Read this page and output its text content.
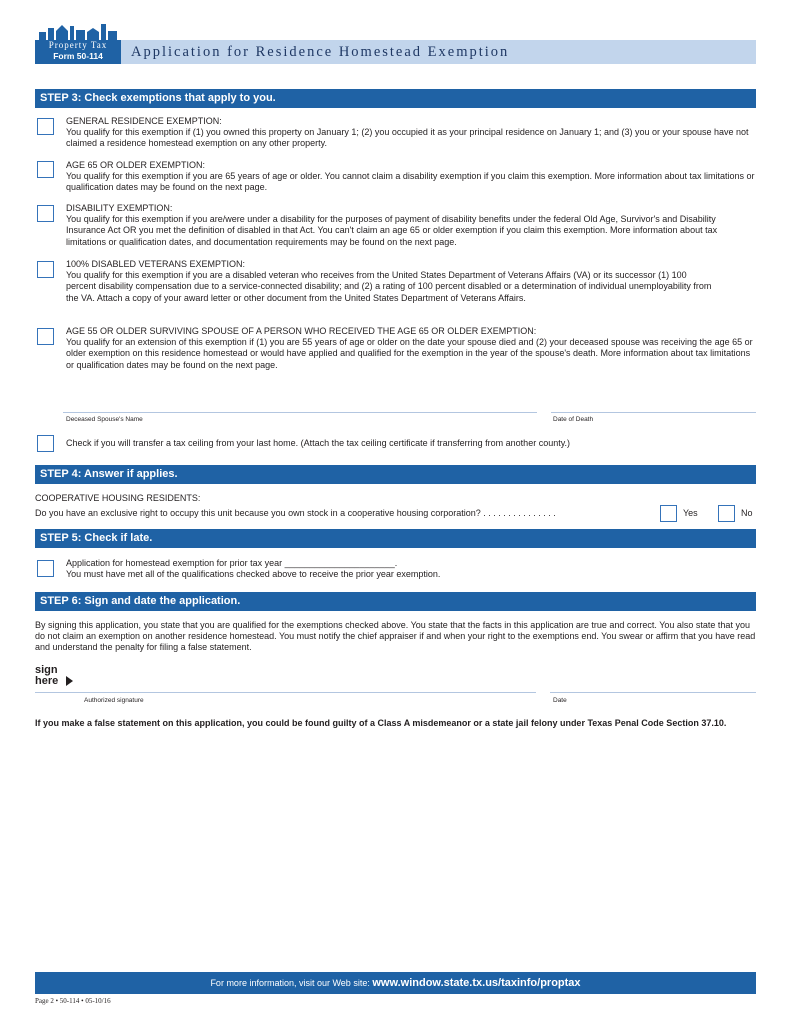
Property Tax
Form 50-114	Application for Residence Homestead Exemption
STEP 3: Check exemptions that apply to you.
GENERAL RESIDENCE EXEMPTION:
You qualify for this exemption if (1) you owned this property on January 1; (2) you occupied it as your principal residence on January 1; and (3) you or your spouse have not claimed a residence homestead exemption on any other property.
AGE 65 OR OLDER EXEMPTION:
You qualify for this exemption if you are 65 years of age or older. You cannot claim a disability exemption if you claim this exemption. More information about tax limitations or qualification dates may be found on the next page.
DISABILITY EXEMPTION:
You qualify for this exemption if you are/were under a disability for the purposes of payment of disability benefits under the federal Old Age, Survivor's and Disability Insurance Act OR you met the definition of disabled in that Act. You can't claim an age 65 or older exemption if you claim this exemption. More information about tax limitations or qualification dates, and documentation requirements may be found on the next page.
100% DISABLED VETERANS EXEMPTION:
You qualify for this exemption if you are a disabled veteran who receives from the United States Department of Veterans Affairs (VA) or its successor (1) 100 percent disability compensation due to a service-connected disability; and (2) a rating of 100 percent disabled or a determination of individual unemployability from the VA. Attach a copy of your award letter or other document from the United States Department of Veterans Affairs.
AGE 55 OR OLDER SURVIVING SPOUSE OF A PERSON WHO RECEIVED THE AGE 65 OR OLDER EXEMPTION:
You qualify for an extension of this exemption if (1) you are 55 years of age or older on the date your spouse died and (2) your deceased spouse was receiving the age 65 or older exemption on this residence homestead or would have applied and qualified for the exemption in the year of the spouse's death. More information about tax limitations or qualification dates may be found on the next page.
Deceased Spouse's Name	Date of Death
Check if you will transfer a tax ceiling from your last home. (Attach the tax ceiling certificate if transferring from another county.)
STEP 4: Answer if applies.
COOPERATIVE HOUSING RESIDENTS:
Do you have an exclusive right to occupy this unit because you own stock in a cooperative housing corporation? . . . . . . . . . . . . . . .	Yes	No
STEP 5: Check if late.
Application for homestead exemption for prior tax year ______________________.
You must have met all of the qualifications checked above to receive the prior year exemption.
STEP 6: Sign and date the application.
By signing this application, you state that you are qualified for the exemptions checked above. You state that the facts in this application are true and correct. You also state that you do not claim an exemption on another residence homestead. You must notify the chief appraiser if and when your right to the exemptions end. You swear or affirm that you have read and understand the penalty for filing a false statement.
sign
here
Authorized signature	Date
If you make a false statement on this application, you could be found guilty of a Class A misdemeanor or a state jail felony under Texas Penal Code Section 37.10.
For more information, visit our Web site: www.window.state.tx.us/taxinfo/proptax
Page 2 • 50-114 • 05-10/16
